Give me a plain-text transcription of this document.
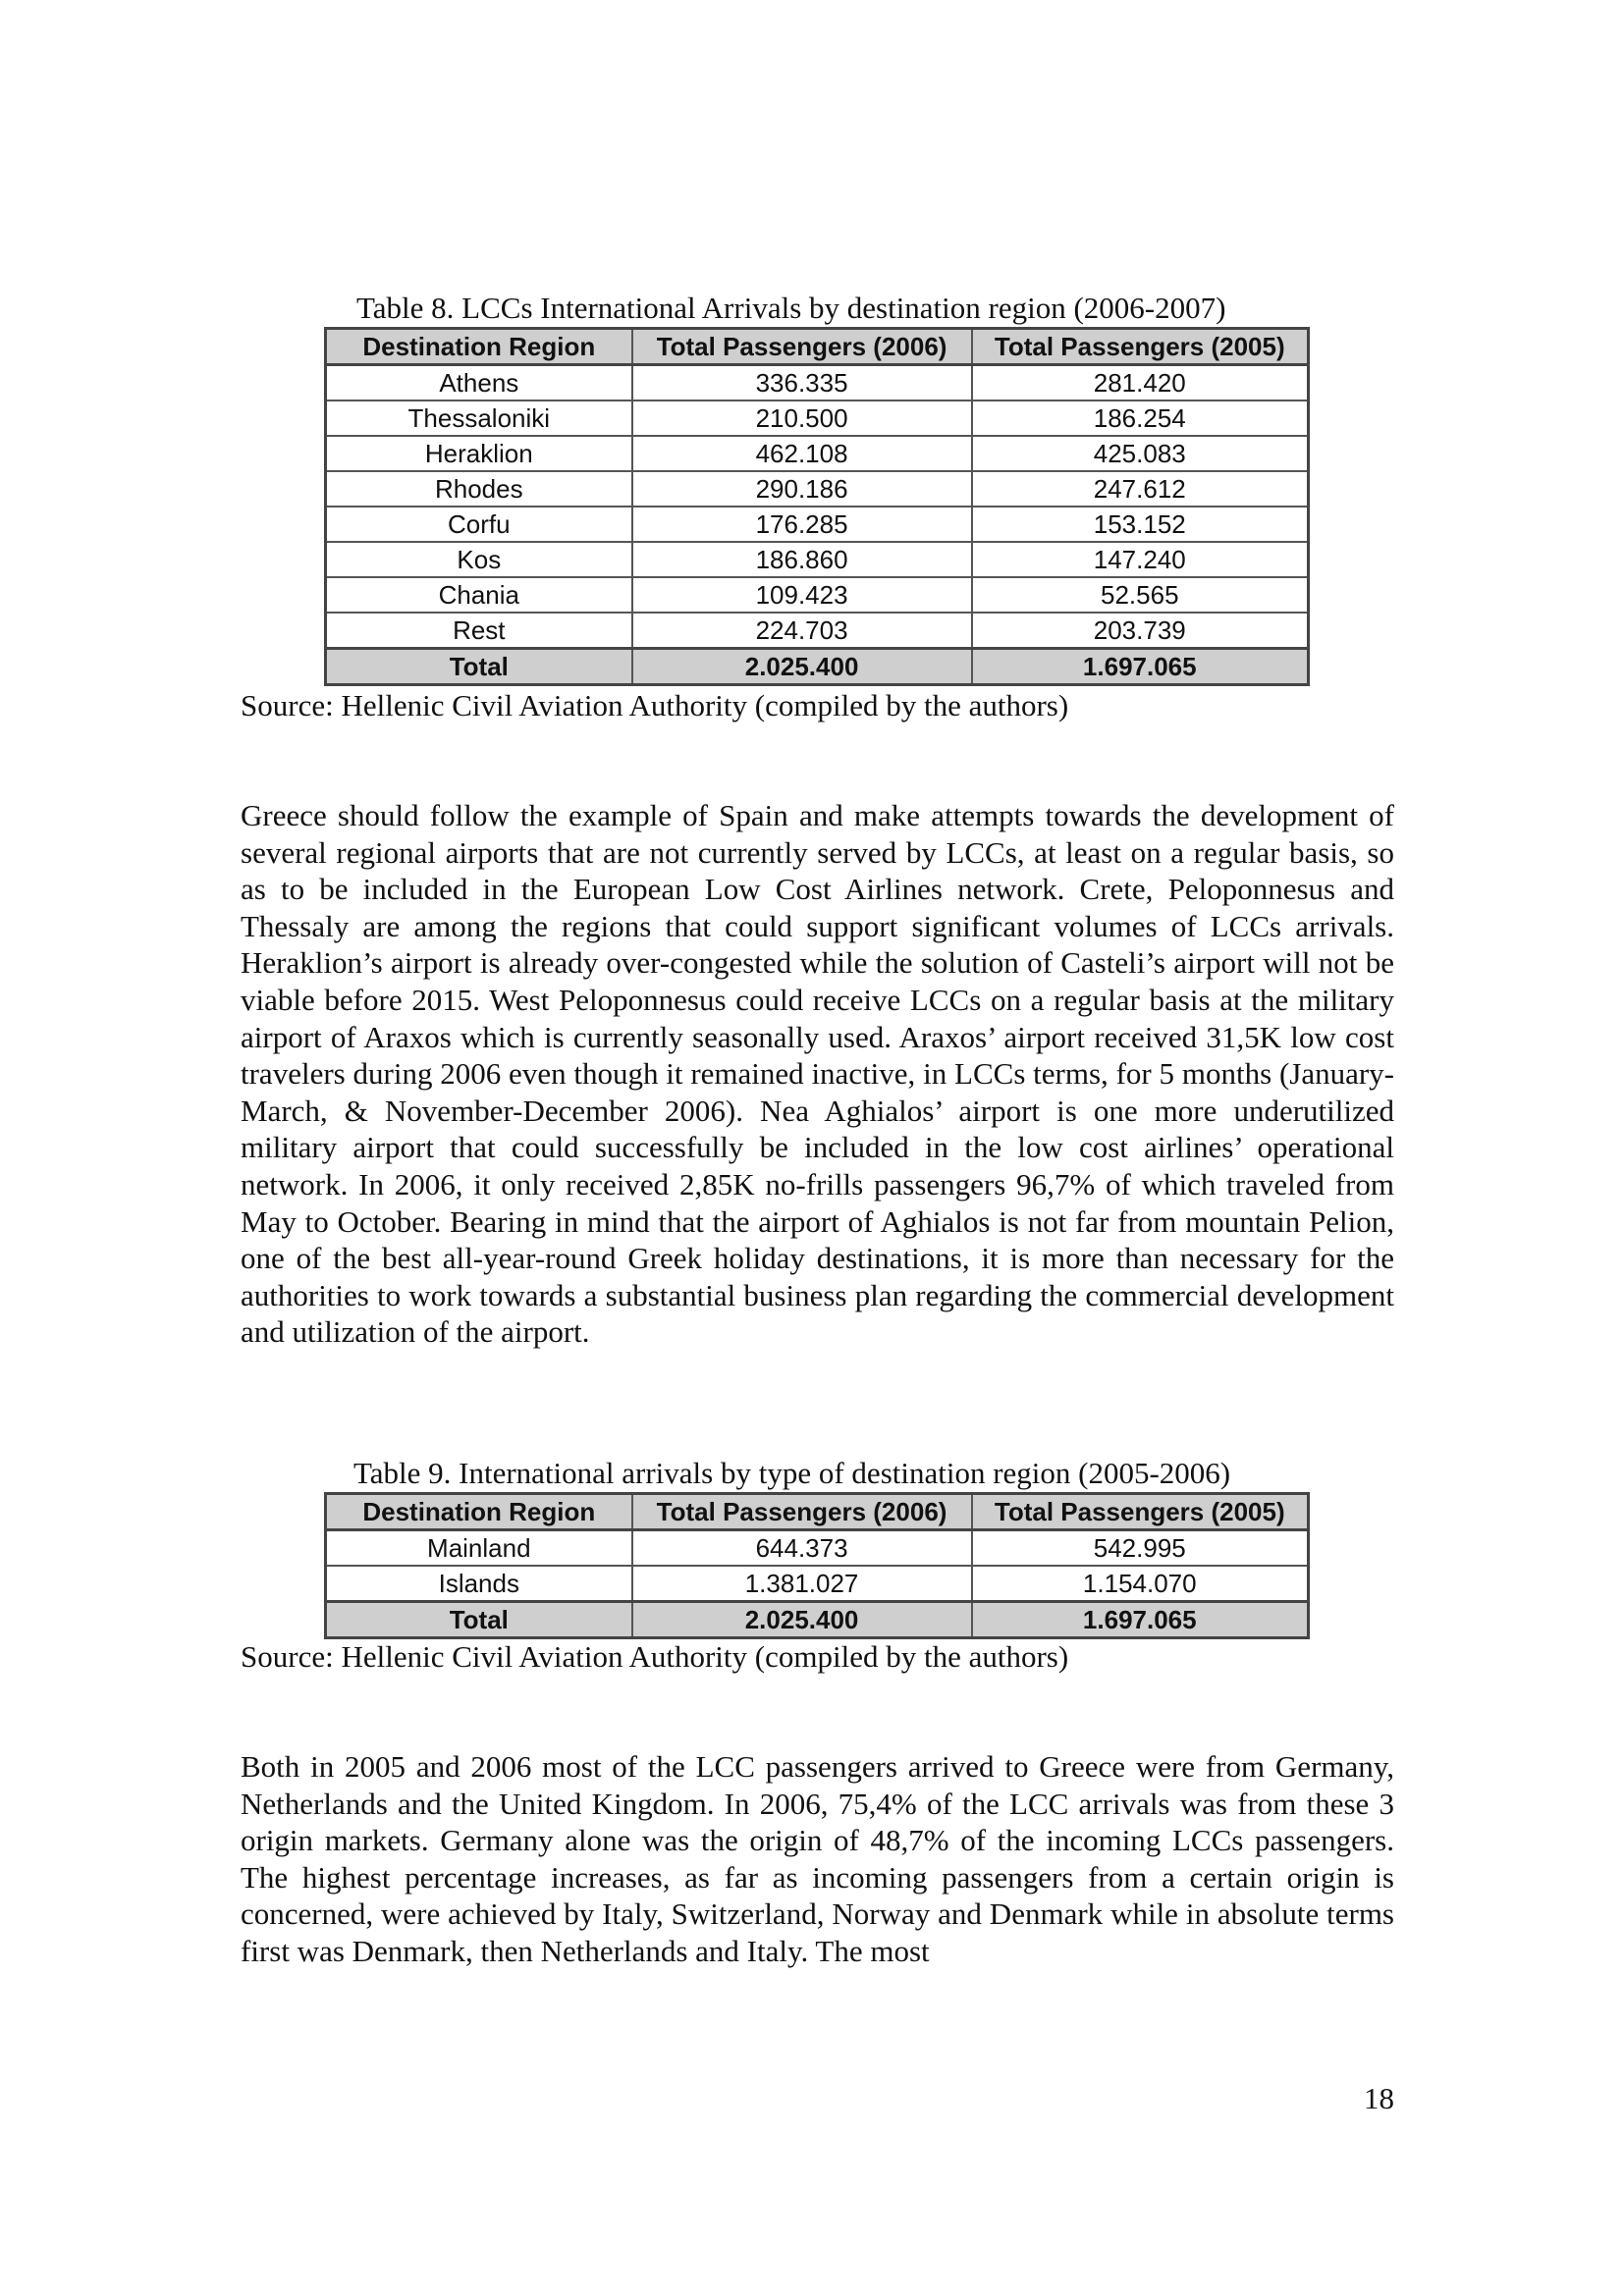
Table 8. LCCs International Arrivals by destination region (2006-2007)
Destination Region	Total Passengers (2006)	Total Passengers (2005)
Athens	336.335	281.420
Thessaloniki	210.500	186.254
Heraklion	462.108	425.083
Rhodes	290.186	247.612
Corfu	176.285	153.152
Kos	186.860	147.240
Chania	109.423	52.565
Rest	224.703	203.739
Total	2.025.400	1.697.065
Source: Hellenic Civil Aviation Authority (compiled by the authors)
Greece should follow the example of Spain and make attempts towards the development of several regional airports that are not currently served by LCCs, at least on a regular basis, so as to be included in the European Low Cost Airlines network. Crete, Peloponnesus and Thessaly are among the regions that could support significant volumes of LCCs arrivals. Heraklion’s airport is already over-congested while the solution of Casteli’s airport will not be viable before 2015. West Peloponnesus could receive LCCs on a regular basis at the military airport of Araxos which is currently seasonally used. Araxos’ airport received 31,5K low cost travelers during 2006 even though it remained inactive, in LCCs terms, for 5 months (January-March, & November-December 2006). Nea Aghialos’ airport is one more underutilized military airport that could successfully be included in the low cost airlines’ operational network. In 2006, it only received 2,85K no-frills passengers 96,7% of which traveled from May to October. Bearing in mind that the airport of Aghialos is not far from mountain Pelion, one of the best all-year-round Greek holiday destinations, it is more than necessary for the authorities to work towards a substantial business plan regarding the commercial development and utilization of the airport.
Table 9. International arrivals by type of destination region (2005-2006)
Destination Region	Total Passengers (2006)	Total Passengers (2005)
Mainland	644.373	542.995
Islands	1.381.027	1.154.070
Total	2.025.400	1.697.065
Source: Hellenic Civil Aviation Authority (compiled by the authors)
Both in 2005 and 2006 most of the LCC passengers arrived to Greece were from Germany, Netherlands and the United Kingdom. In 2006, 75,4% of the LCC arrivals was from these 3 origin markets. Germany alone was the origin of 48,7% of the incoming LCCs passengers. The highest percentage increases, as far as incoming passengers from a certain origin is concerned, were achieved by Italy, Switzerland, Norway and Denmark while in absolute terms first was Denmark, then Netherlands and Italy. The most
18
